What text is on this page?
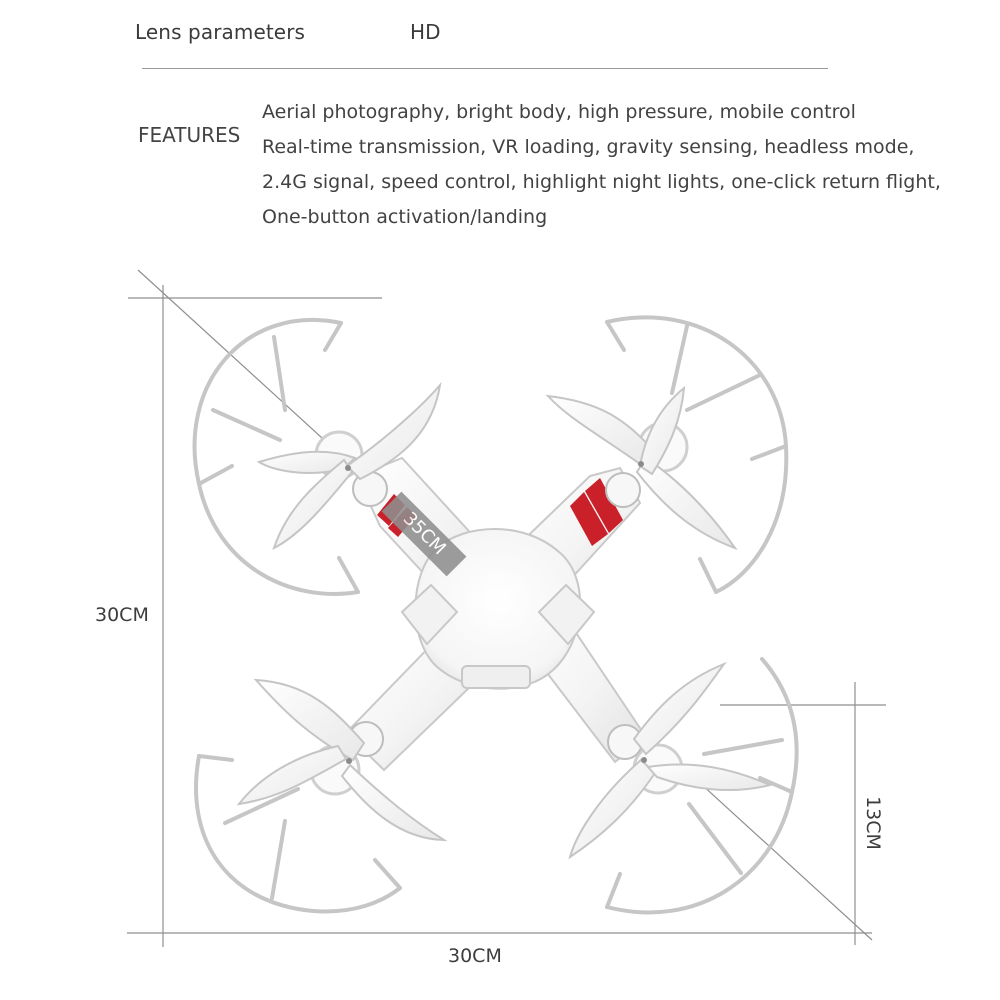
Lens parameters	HD
FEATURES
Aerial photography, bright body, high pressure, mobile control
Real-time transmission, VR loading, gravity sensing, headless mode,
2.4G signal, speed control, highlight night lights, one-click return flight,
One-button activation/landing
35CM
30CM
30CM
13CM
